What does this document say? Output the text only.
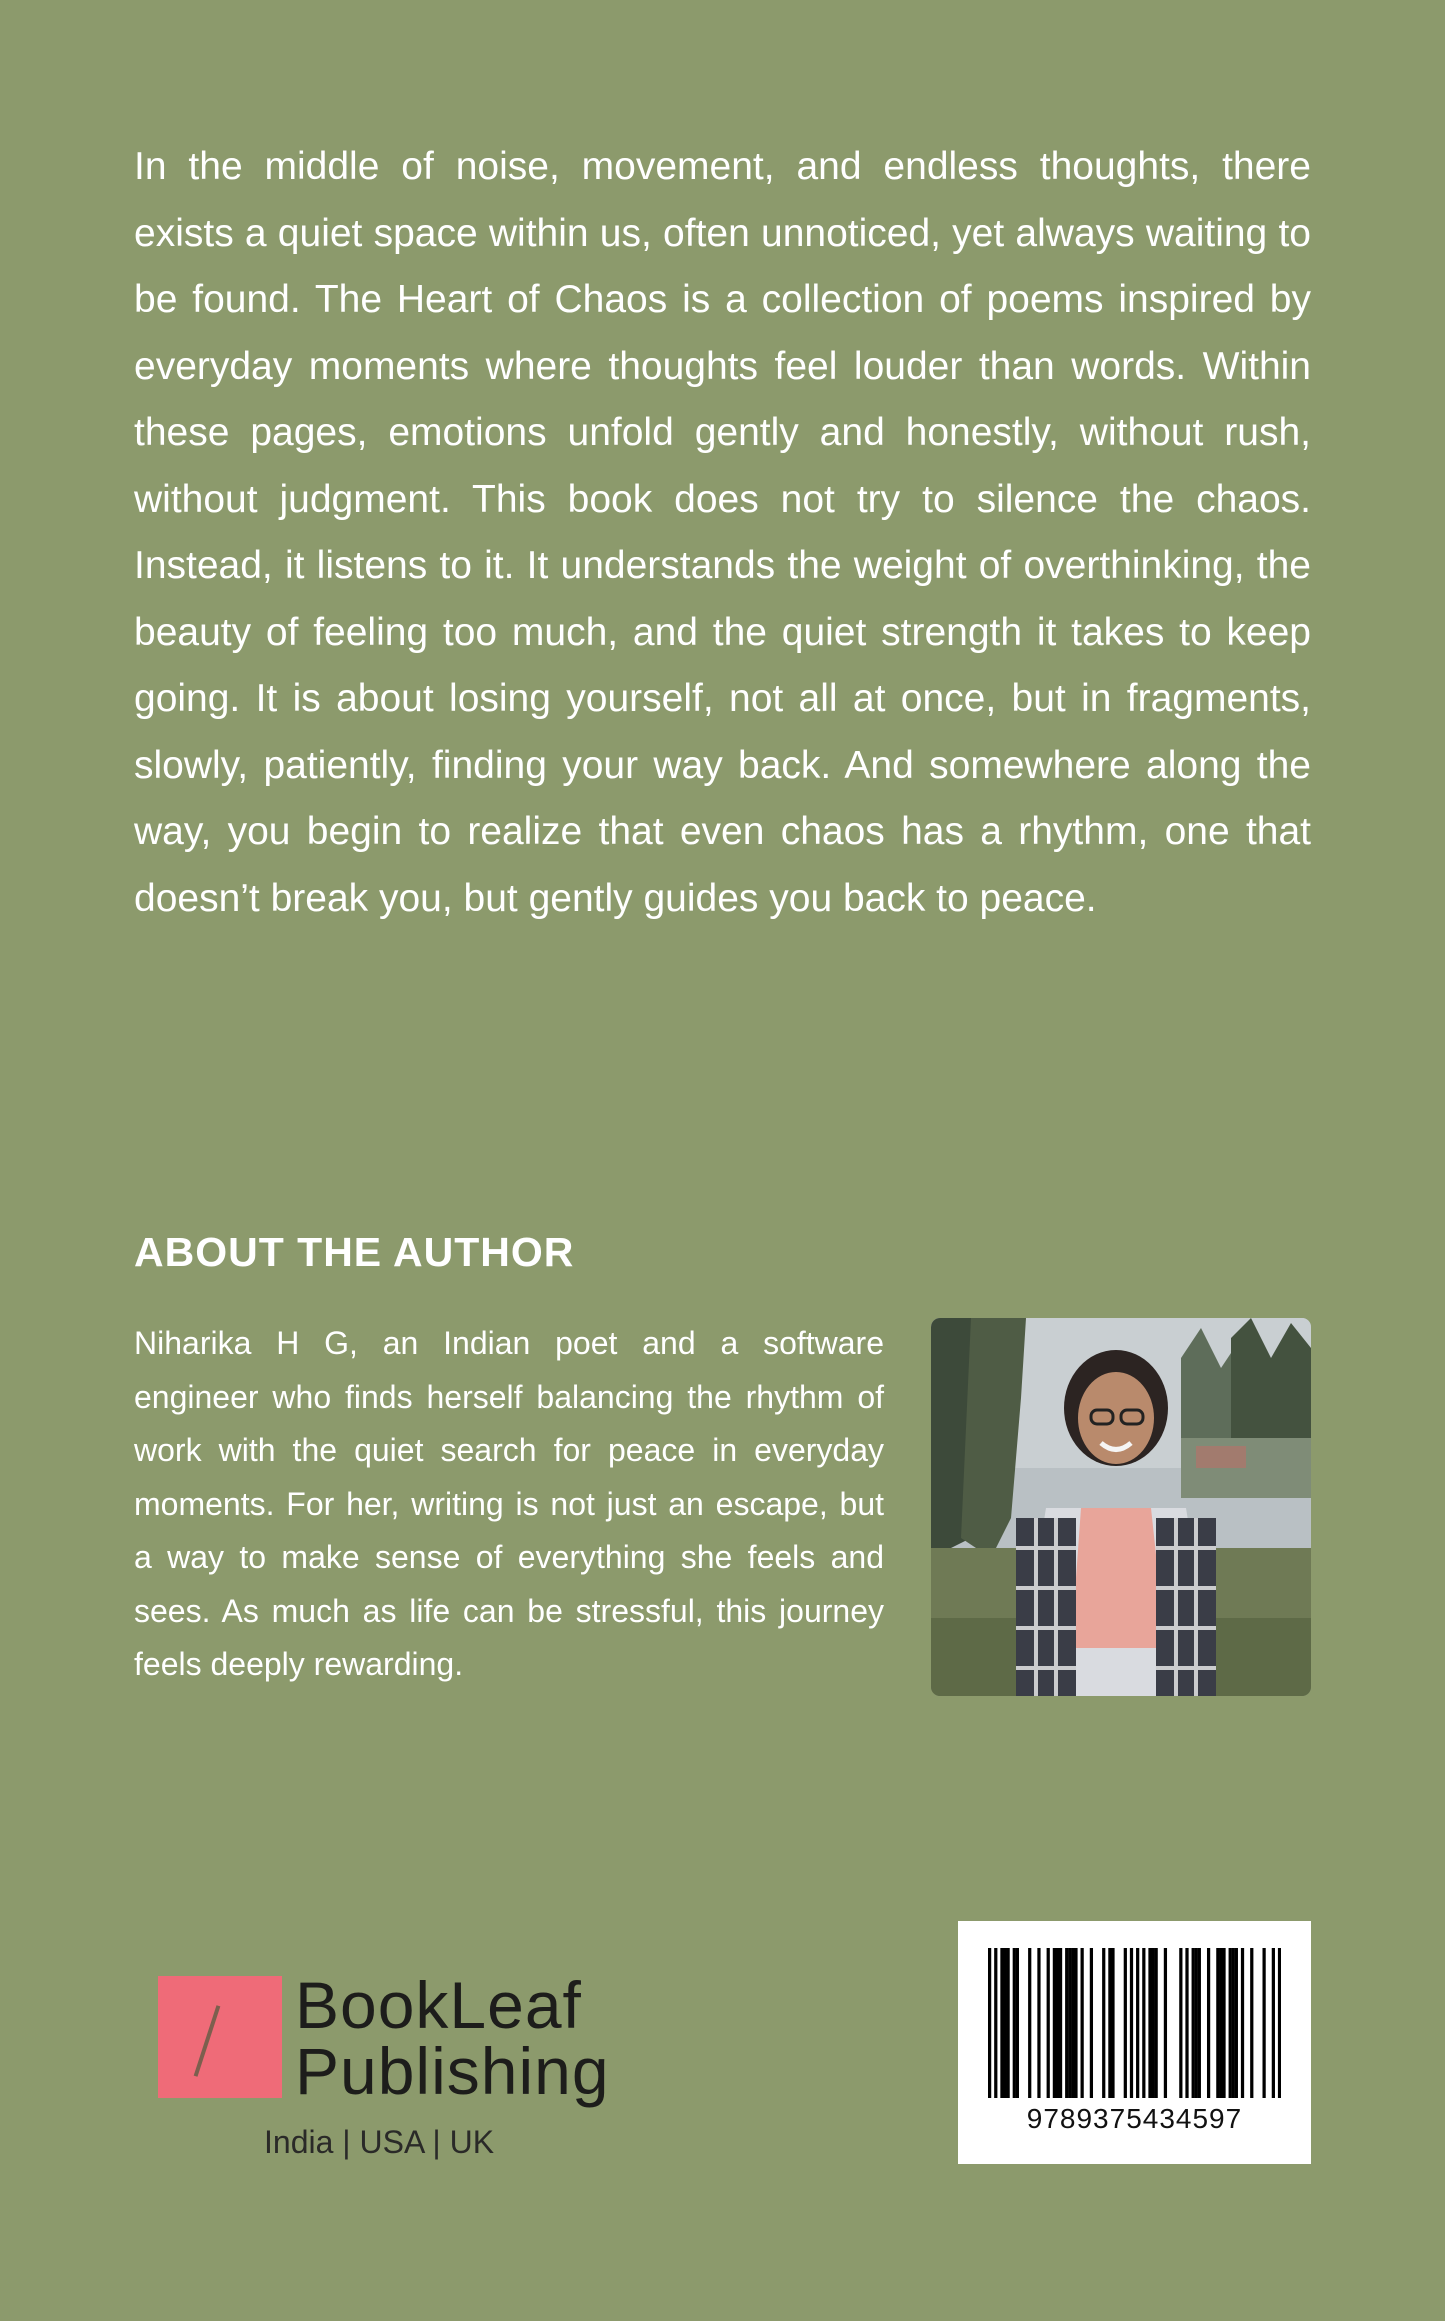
In the middle of noise, movement, and endless thoughts, there exists a quiet space within us, often unnoticed, yet always waiting to be found. The Heart of Chaos is a collection of poems inspired by everyday moments where thoughts feel louder than words. Within these pages, emotions unfold gently and honestly, without rush, without judgment. This book does not try to silence the chaos. Instead, it listens to it. It understands the weight of overthinking, the beauty of feeling too much, and the quiet strength it takes to keep going. It is about losing yourself, not all at once, but in fragments, slowly, patiently, finding your way back. And somewhere along the way, you begin to realize that even chaos has a rhythm, one that doesn’t break you, but gently guides you back to peace.

ABOUT THE AUTHOR

Niharika H G, an Indian poet and a software engineer who finds herself balancing the rhythm of work with the quiet search for peace in everyday moments. For her, writing is not just an escape, but a way to make sense of everything she feels and sees. As much as life can be stressful, this journey feels deeply rewarding.

BookLeaf
Publishing
India | USA | UK
9789375434597
